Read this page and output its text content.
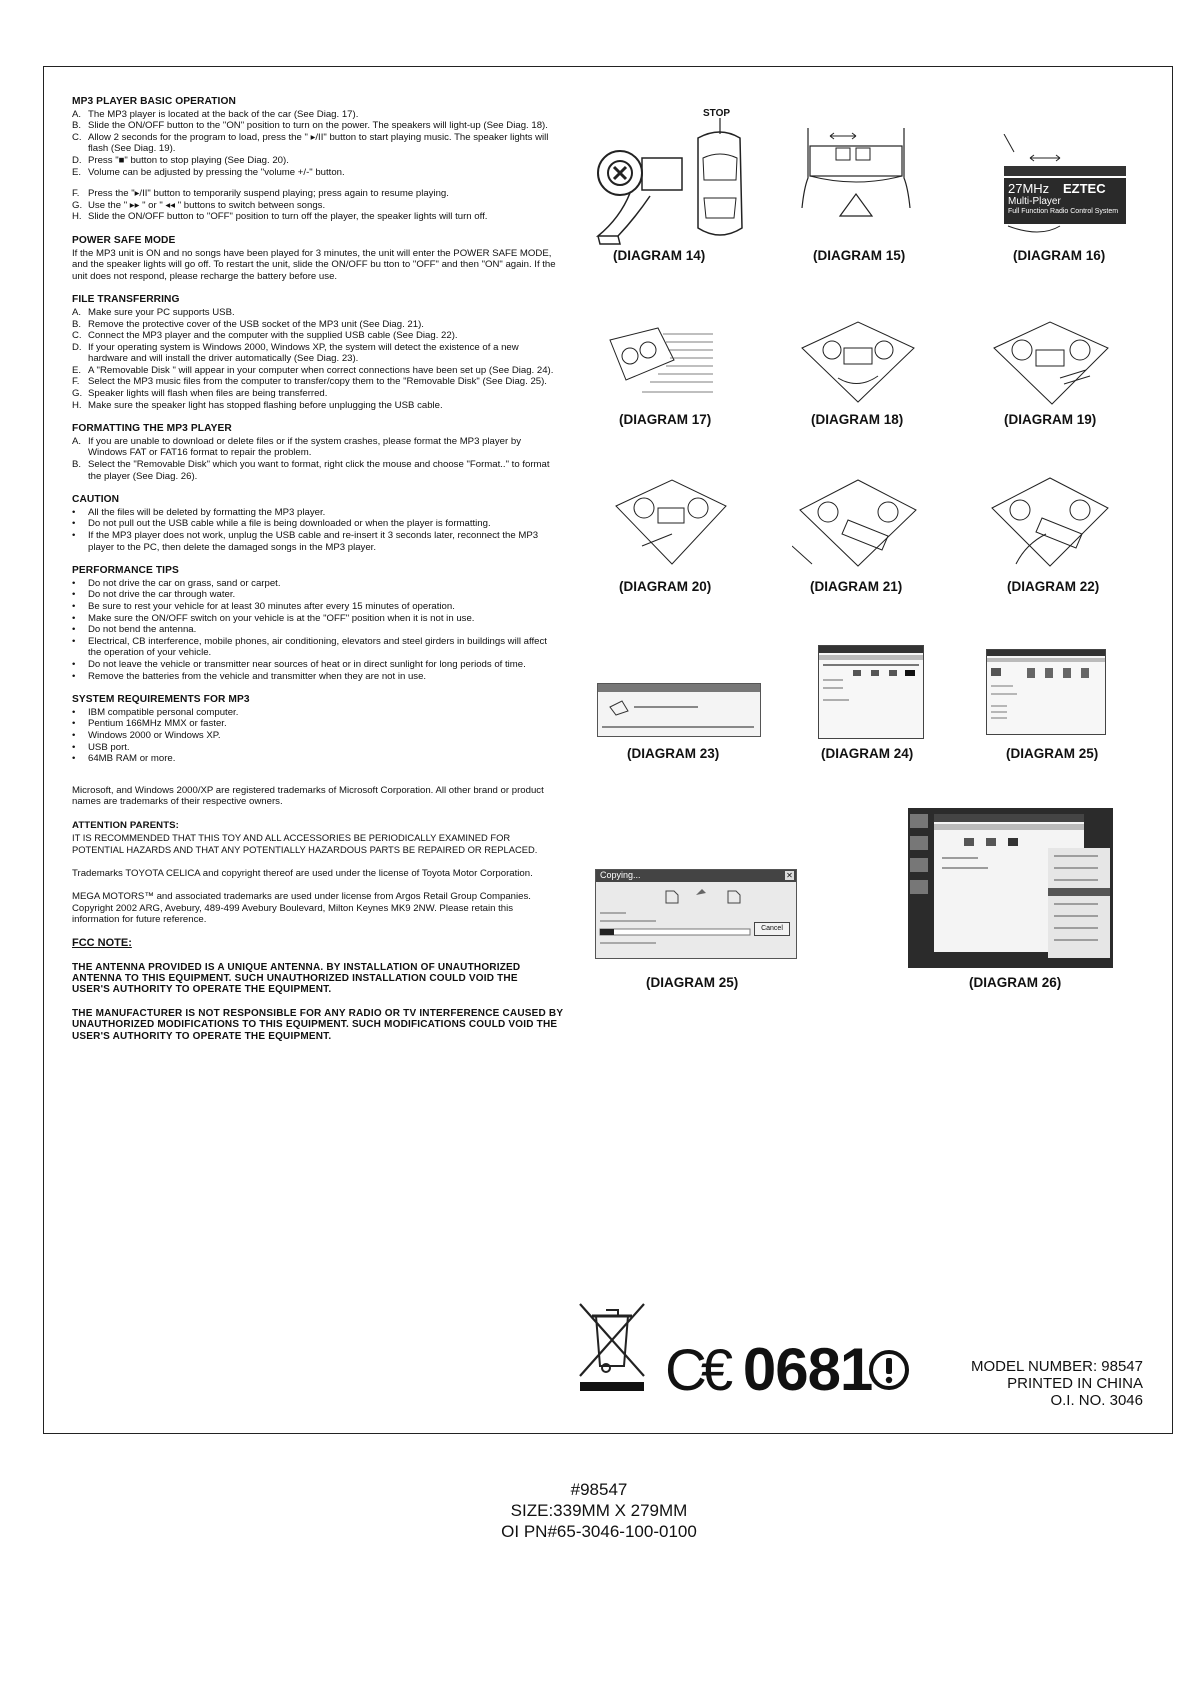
MP3 PLAYER BASIC OPERATION
A. The MP3 player is located at the back of the car (See Diag. 17).
B. Slide the ON/OFF button to the "ON" position to turn on the power. The speakers will light-up (See Diag. 18).
C. Allow 2 seconds for the program to load, press the " ▸/II" button to start playing music. The speaker lights will flash (See Diag. 19).
D. Press "■" button to stop playing (See Diag. 20).
E. Volume can be adjusted by pressing the "volume +/-" button.
F. Press the "▸/II" button to temporarily suspend playing; press again to resume playing.
G. Use the " ▸▸ " or " ◂◂ " buttons to switch between songs.
H. Slide the ON/OFF button to "OFF" position to turn off the player, the speaker lights will turn off.
POWER SAFE MODE
If the MP3 unit is ON and no songs have been played for 3 minutes, the unit will enter the POWER SAFE MODE, and the speaker lights will go off. To restart the unit, slide the ON/OFF bu tton to "OFF" and then "ON" again. If the unit does not respond, please recharge the battery before use.
FILE TRANSFERRING
A. Make sure your PC supports USB.
B. Remove the protective cover of the USB socket of the MP3 unit (See Diag. 21).
C. Connect the MP3 player and the computer with the supplied USB cable (See Diag. 22).
D. If your operating system is Windows 2000, Windows XP, the system will detect the existence of a new hardware and will install the driver automatically (See Diag. 23).
E. A "Removable Disk " will appear in your computer when correct connections have been set up (See Diag. 24).
F. Select the MP3 music files from the computer to transfer/copy them to the "Removable Disk" (See Diag. 25).
G. Speaker lights will flash when files are being transferred.
H. Make sure the speaker light has stopped flashing before unplugging the USB cable.
FORMATTING THE MP3 PLAYER
A. If you are unable to download or delete files or if the system crashes, please format the MP3 player by Windows FAT or FAT16 format to repair the problem.
B. Select the "Removable Disk" which you want to format, right click the mouse and choose "Format.." to format the player (See Diag. 26).
CAUTION
• All the files will be deleted by formatting the MP3 player.
• Do not pull out the USB cable while a file is being downloaded or when the player is formatting.
• If the MP3 player does not work, unplug the USB cable and re-insert it 3 seconds later, reconnect the MP3 player to the PC, then delete the damaged songs in the MP3 player.
PERFORMANCE TIPS
• Do not drive the car on grass, sand or carpet.
• Do not drive the car through water.
• Be sure to rest your vehicle for at least 30 minutes after every 15 minutes of operation.
• Make sure the ON/OFF switch on your vehicle is at the "OFF" position when it is not in use.
• Do not bend the antenna.
• Electrical, CB interference, mobile phones, air conditioning, elevators and steel girders in buildings will affect
the operation of your vehicle.
• Do not leave the vehicle or transmitter near sources of heat or in direct sunlight for long periods of time.
• Remove the batteries from the vehicle and transmitter when they are not in use.
SYSTEM REQUIREMENTS FOR MP3
• IBM compatible personal computer.
• Pentium 166MHz MMX or faster.
• Windows 2000 or Windows XP.
• USB port.
• 64MB RAM or more.
Microsoft, and Windows 2000/XP are registered trademarks of Microsoft Corporation. All other brand or product names are trademarks of their respective owners.
ATTENTION PARENTS:
IT IS RECOMMENDED THAT THIS TOY AND ALL ACCESSORIES BE PERIODICALLY EXAMINED FOR POTENTIAL HAZARDS AND THAT ANY POTENTIALLY HAZARDOUS PARTS BE REPAIRED OR REPLACED.
Trademarks TOYOTA CELICA and copyright thereof are used under the license of Toyota Motor Corporation.
MEGA MOTORS™ and associated trademarks are used under license from Argos Retail Group Companies. Copyright 2002 ARG, Avebury, 489-499 Avebury Boulevard, Milton Keynes MK9 2NW. Please retain this information for future reference.
FCC NOTE:
THE ANTENNA PROVIDED IS A UNIQUE ANTENNA. BY INSTALLATION OF UNAUTHORIZED ANTENNA TO THIS EQUIPMENT. SUCH UNAUTHORIZED INSTALLATION COULD VOID THE USER'S AUTHORITY TO OPERATE THE EQUIPMENT.
THE MANUFACTURER IS NOT RESPONSIBLE FOR ANY RADIO OR TV INTERFERENCE CAUSED BY UNAUTHORIZED MODIFICATIONS TO THIS EQUIPMENT. SUCH MODIFICATIONS COULD VOID THE USER'S AUTHORITY TO OPERATE THE EQUIPMENT.
STOP
(DIAGRAM 14)	(DIAGRAM 15)
27MHz EZTEC
Multi-Player
Full Function Radio Control System
(DIAGRAM 16)
(DIAGRAM 17)	(DIAGRAM 18)	(DIAGRAM 19)
(DIAGRAM 20)	(DIAGRAM 21)	(DIAGRAM 22)
(DIAGRAM 23)	(DIAGRAM 24)	(DIAGRAM 25)
Copying...	✕
Cancel
(DIAGRAM 25)	(DIAGRAM 26)
C€ 0681	MODEL NUMBER: 98547
PRINTED IN CHINA
O.I. NO. 3046
#98547
SIZE:339MM X 279MM
OI PN#65-3046-100-0100
